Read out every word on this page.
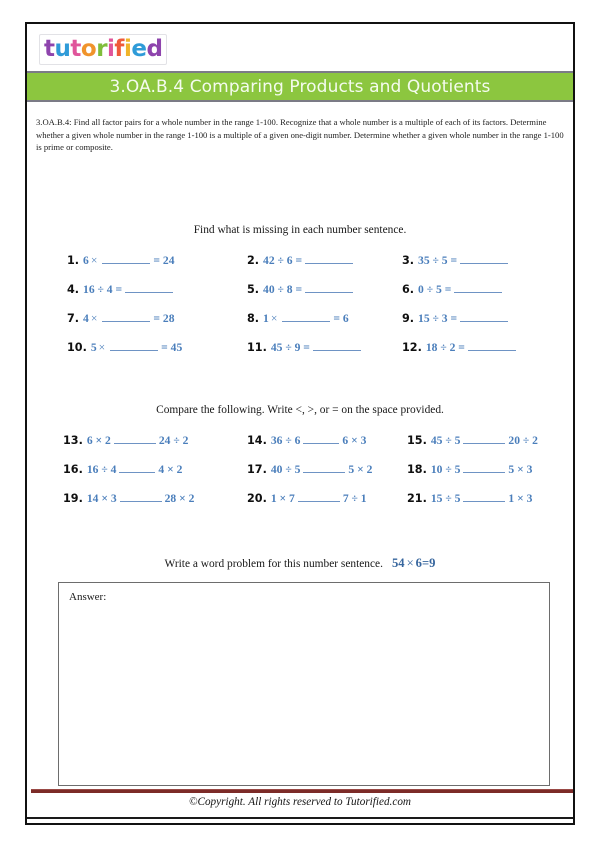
tutorified
3.OA.B.4 Comparing Products and Quotients
3.OA.B.4: Find all factor pairs for a whole number in the range 1-100. Recognize that a whole number is a multiple of each of its factors. Determine whether a given whole number in the range 1-100 is a multiple of a given one-digit number. Determine whether a given whole number in the range 1-100 is prime or composite.
Find what is missing in each number sentence.
1. 6 ×	= 24	2. 42 ÷ 6 =	3. 35 ÷ 5 =
4. 16 ÷ 4 =	5. 40 ÷ 8 =	6. 0 ÷ 5 =
7. 4 ×	= 28	8. 1 ×	= 6	9. 15 ÷ 3 =
10. 5 ×	= 45	11. 45 ÷ 9 =	12. 18 ÷ 2 =
Compare the following. Write <, >, or = on the space provided.
13. 6 × 2	24 ÷ 2	14. 36 ÷ 6	6 × 3	15. 45 ÷ 5	20 ÷ 2
16. 16 ÷ 4	4 × 2	17. 40 ÷ 5	5 × 2	18. 10 ÷ 5	5 × 3
19. 14 × 3	28 × 2	20. 1 × 7	7 ÷ 1	21. 15 ÷ 5	1 × 3
Write a word problem for this number sentence. 54 × 6=9
Answer:
©Copyright. All rights reserved to Tutorified.com
